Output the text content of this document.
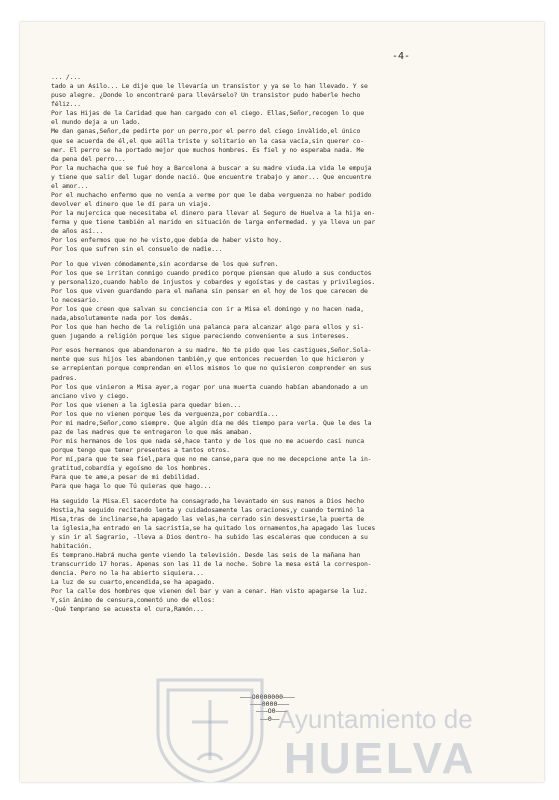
-4-
... /...
tado a un Asilo... Le dije que le llevaría un transistor y ya se lo han llevado. Y se
puso alegre. ¿Donde lo encontraré para llevárselo? Un transistor pudo haberle hecho
féliz...
Por las Hijas de la Caridad que han cargado con el ciego. Ellas,Señor,recogen lo que
el mundo deja a un lado.
Me dan ganas,Señor,de pedirte por un perro,por el perro del ciego invàlido,el único
que se acuerda de él,el que aúlla triste y solitario en la casa vacía,sin querer co-
mer. El perro se ha portado mejor que muchos hombres. Es fiel y no esperaba nada. Me
da pena del perro...
Por la muchacha que se fué hoy a Barcelona a buscar a su madre viuda.La vida le empuja
y tiene que salir del lugar donde nació. Que encuentre trabajo y amor... Que encuentre
el amor...
Por el muchacho enfermo que no venía a verme por que le daba verguenza no haber podido
devolver el dinero que le dí para un viaje.
Por la mujercica que necesitaba el dinero para llevar al Seguro de Huelva a la hija en-
ferma y que tiene también al marido en situación de larga enfermedad. y ya lleva un par
de años así...
Por los enfermos que no he visto,que debía de haber visto hoy.
Por los que sufren sin el consuelo de nadie...
Por lo que viven cómodamente,sin acordarse de los que sufren.
Por los que se irritan conmigo cuando predico porque piensan que aludo a sus conductos
y personalizo,cuando hablo de injustos y cobardes y egoístas y de castas y privilegios.
Por los que viven guardando para el mañana sin pensar en el hoy de los que carecen de
lo necesario.
Por los que creen que salvan su conciencia con ir a Misa el domingo y no hacen nada,
nada,absolutamente nada por los demás.
Por los que han hecho de la religión una palanca para alcanzar algo para ellos y si-
guen jugando a religión porque les sigue pareciendo conveniente a sus intereses.
Por esos hermanos que abandonaron a su madre. No te pido que les castigues,Señor.Sola-
mente que sus hijos les abandonen también,y que entonces recuerden lo que hicieron y
se arrepientan porque comprendan en ellos mismos lo que no quisieron comprender en sus
padres.
Por los que vinieron a Misa ayer,a rogar por una muerta cuando habían abandonado a un
anciano vivo y ciego.
Por los que vienen a la iglesia para quedar bien...
Por los que no vienen porque les da verguenza,por cobardía...
Por mi madre,Señor,como siempre. Que algún día me dés tiempo para verla. Que le des la
paz de las madres que te entregaron lo que más amaban.
Por mis hermanos de los que nada sé,hace tanto y de los que no me acuerdo casi nunca
porque tengo que tener presentes a tantos otros.
Por mí,para que te sea fiel,para que no me canse,para que no me decepcione ante la in-
gratitud,cobardía y egoísmo de los hombres.
Para que te ame,a pesar de mi debilidad.
Para que haga lo que Tú quieras que hago...
Ha seguido la Misa.El sacerdote ha consagrado,ha levantado en sus manos a Dios hecho
Hostia,ha seguido recitando lenta y cuidadosamente las oraciones,y cuando terminó la
Misa,tras de inclinarse,ha apagado las velas,ha cerrado sin desvestirse,la puerta de
la iglesia,ha entrado en la sacristía,se ha quitado los ornamentos,ha apagado las luces
y sin ir al Sagrario, -lleva a Dios dentro- ha subido las escaleras que conducen a su
habitación.
Es temprano.Habrá mucha gente viendo la televisión. Desde las seis de la mañana han
transcurrido 17 horas. Apenas son las 11 de la noche. Sobre la mesa está la correspon-
dencia. Pero no la ha abierto siquiera...
La luz de su cuarto,encendida,se ha apagado.
Por la calle dos hombres que vienen del bar y van a cenar. Han visto apagarse la luz.
Y,sin ánimo de censura,comentó uno de ellos:
-Qué temprano se acuesta el cura,Ramón...
———O0000000———
———0000———
———O0———
——0——
Ayuntamiento de
HUELVA
